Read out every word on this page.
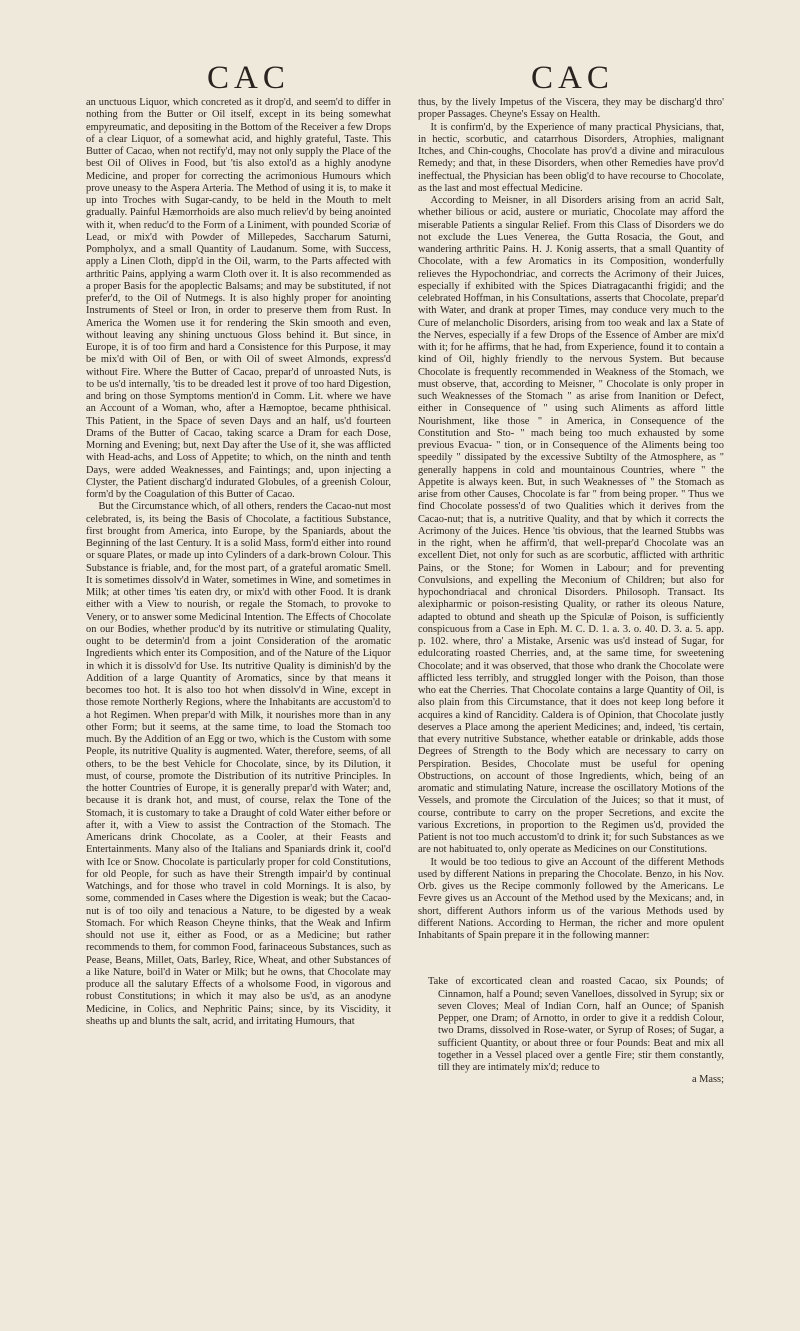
CAC	CAC

an unctuous Liquor, which concreted as it drop'd, and seem'd to differ in nothing from the Butter or Oil itself, except in its being somewhat empyreumatic, and depositing in the Bottom of the Receiver a few Drops of a clear Liquor, of a somewhat acid, and highly grateful, Taste. This Butter of Cacao, when not rectify'd, may not only supply the Place of the best Oil of Olives in Food, but 'tis also extol'd as a highly anodyne Medicine, and proper for correcting the acrimonious Humours which prove uneasy to the Aspera Arteria. The Method of using it is, to make it up into Troches with Sugar-candy, to be held in the Mouth to melt gradually. Painful Hæmorrhoids are also much reliev'd by being anointed with it, when reduc'd to the Form of a Liniment, with pounded Scoriæ of Lead, or mix'd with Powder of Millepedes, Saccharum Saturni, Pompholyx, and a small Quantity of Laudanum. Some, with Success, apply a Linen Cloth, dipp'd in the Oil, warm, to the Parts affected with arthritic Pains, applying a warm Cloth over it. It is also recommended as a proper Basis for the apoplectic Balsams; and may be substituted, if not prefer'd, to the Oil of Nutmegs. It is also highly proper for anointing Instruments of Steel or Iron, in order to preserve them from Rust. In America the Women use it for rendering the Skin smooth and even, without leaving any shining unctuous Gloss behind it. But since, in Europe, it is of too firm and hard a Consistence for this Purpose, it may be mix'd with Oil of Ben, or with Oil of sweet Almonds, express'd without Fire. Where the Butter of Cacao, prepar'd of unroasted Nuts, is to be us'd internally, 'tis to be dreaded lest it prove of too hard Digestion, and bring on those Symptoms mention'd in Comm. Lit. where we have an Account of a Woman, who, after a Hæmoptoe, became phthisical. This Patient, in the Space of seven Days and an half, us'd fourteen Drams of the Butter of Cacao, taking scarce a Dram for each Dose, Morning and Evening; but, next Day after the Use of it, she was afflicted with Head-achs, and Loss of Appetite; to which, on the ninth and tenth Days, were added Weaknesses, and Faintings; and, upon injecting a Clyster, the Patient discharg'd indurated Globules, of a greenish Colour, form'd by the Coagulation of this Butter of Cacao.

But the Circumstance which, of all others, renders the Cacao-nut most celebrated, is, its being the Basis of Chocolate, a factitious Substance, first brought from America, into Europe, by the Spaniards, about the Beginning of the last Century. It is a solid Mass, form'd either into round or square Plates, or made up into Cylinders of a dark-brown Colour. This Substance is friable, and, for the most part, of a grateful aromatic Smell. It is sometimes dissolv'd in Water, sometimes in Wine, and sometimes in Milk; at other times 'tis eaten dry, or mix'd with other Food. It is drank either with a View to nourish, or regale the Stomach, to provoke to Venery, or to answer some Medicinal Intention. The Effects of Chocolate on our Bodies, whether produc'd by its nutritive or stimulating Quality, ought to be determin'd from a joint Consideration of the aromatic Ingredients which enter its Composition, and of the Nature of the Liquor in which it is dissolv'd for Use. Its nutritive Quality is diminish'd by the Addition of a large Quantity of Aromatics, since by that means it becomes too hot. It is also too hot when dissolv'd in Wine, except in those remote Northerly Regions, where the Inhabitants are accustom'd to a hot Regimen. When prepar'd with Milk, it nourishes more than in any other Form; but it seems, at the same time, to load the Stomach too much. By the Addition of an Egg or two, which is the Custom with some People, its nutritive Quality is augmented. Water, therefore, seems, of all others, to be the best Vehicle for Chocolate, since, by its Dilution, it must, of course, promote the Distribution of its nutritive Principles. In the hotter Countries of Europe, it is generally prepar'd with Water; and, because it is drank hot, and must, of course, relax the Tone of the Stomach, it is customary to take a Draught of cold Water either before or after it, with a View to assist the Contraction of the Stomach. The Americans drink Chocolate, as a Cooler, at their Feasts and Entertainments. Many also of the Italians and Spaniards drink it, cool'd with Ice or Snow. Chocolate is particularly proper for cold Constitutions, for old People, for such as have their Strength impair'd by continual Watchings, and for those who travel in cold Mornings. It is also, by some, commended in Cases where the Digestion is weak; but the Cacao-nut is of too oily and tenacious a Nature, to be digested by a weak Stomach. For which Reason Cheyne thinks, that the Weak and Infirm should not use it, either as Food, or as a Medicine; but rather recommends to them, for common Food, farinaceous Substances, such as Pease, Beans, Millet, Oats, Barley, Rice, Wheat, and other Substances of a like Nature, boil'd in Water or Milk; but he owns, that Chocolate may produce all the salutary Effects of a wholsome Food, in vigorous and robust Constitutions; in which it may also be us'd, as an anodyne Medicine, in Colics, and Nephritic Pains; since, by its Viscidity, it sheaths up and blunts the salt, acrid, and irritating Humours, that

thus, by the lively Impetus of the Viscera, they may be discharg'd thro' proper Passages. Cheyne's Essay on Health.

It is confirm'd, by the Experience of many practical Physicians, that, in hectic, scorbutic, and catarrhous Disorders, Atrophies, malignant Itches, and Chin-coughs, Chocolate has prov'd a divine and miraculous Remedy; and that, in these Disorders, when other Remedies have prov'd ineffectual, the Physician has been oblig'd to have recourse to Chocolate, as the last and most effectual Medicine.

According to Meisner, in all Disorders arising from an acrid Salt, whether bilious or acid, austere or muriatic, Chocolate may afford the miserable Patients a singular Relief. From this Class of Disorders we do not exclude the Lues Venerea, the Gutta Rosacia, the Gout, and wandering arthritic Pains. H. J. Konig asserts, that a small Quantity of Chocolate, with a few Aromatics in its Composition, wonderfully relieves the Hypochondriac, and corrects the Acrimony of their Juices, especially if exhibited with the Spices Diatragacanthi frigidi; and the celebrated Hoffman, in his Consultations, asserts that Chocolate, prepar'd with Water, and drank at proper Times, may conduce very much to the Cure of melancholic Disorders, arising from too weak and lax a State of the Nerves, especially if a few Drops of the Essence of Amber are mix'd with it; for he affirms, that he had, from Experience, found it to contain a kind of Oil, highly friendly to the nervous System. But because Chocolate is frequently recommended in Weakness of the Stomach, we must observe, that, according to Meisner, " Chocolate is only proper in such Weaknesses of the Stomach " as arise from Inanition or Defect, either in Consequence of " using such Aliments as afford little Nourishment, like those " in America, in Consequence of the Constitution and Sto- " mach being too much exhausted by some previous Evacua- " tion, or in Consequence of the Aliments being too speedily " dissipated by the excessive Subtilty of the Atmosphere, as " generally happens in cold and mountainous Countries, where " the Appetite is always keen. But, in such Weaknesses of " the Stomach as arise from other Causes, Chocolate is far " from being proper. " Thus we find Chocolate possess'd of two Qualities which it derives from the Cacao-nut; that is, a nutritive Quality, and that by which it corrects the Acrimony of the Juices. Hence 'tis obvious, that the learned Stubbs was in the right, when he affirm'd, that well-prepar'd Chocolate was an excellent Diet, not only for such as are scorbutic, afflicted with arthritic Pains, or the Stone; for Women in Labour; and for preventing Convulsions, and expelling the Meconium of Children; but also for hypochondriacal and chronical Disorders. Philosoph. Transact. Its alexipharmic or poison-resisting Quality, or rather its oleous Nature, adapted to obtund and sheath up the Spiculæ of Poison, is sufficiently conspicuous from a Case in Eph. M. C. D. 1. a. 3. o. 40. D. 3. a. 5. app. p. 102. where, thro' a Mistake, Arsenic was us'd instead of Sugar, for edulcorating roasted Cherries, and, at the same time, for sweetening Chocolate; and it was observed, that those who drank the Chocolate were afflicted less terribly, and struggled longer with the Poison, than those who eat the Cherries. That Chocolate contains a large Quantity of Oil, is also plain from this Circumstance, that it does not keep long before it acquires a kind of Rancidity. Caldera is of Opinion, that Chocolate justly deserves a Place among the aperient Medicines; and, indeed, 'tis certain, that every nutritive Substance, whether eatable or drinkable, adds those Degrees of Strength to the Body which are necessary to carry on Perspiration. Besides, Chocolate must be useful for opening Obstructions, on account of those Ingredients, which, being of an aromatic and stimulating Nature, increase the oscillatory Motions of the Vessels, and promote the Circulation of the Juices; so that it must, of course, contribute to carry on the proper Secretions, and excite the various Excretions, in proportion to the Regimen us'd, provided the Patient is not too much accustom'd to drink it; for such Substances as we are not habituated to, only operate as Medicines on our Constitutions.

It would be too tedious to give an Account of the different Methods used by different Nations in preparing the Chocolate. Benzo, in his Nov. Orb. gives us the Recipe commonly followed by the Americans. Le Fevre gives us an Account of the Method used by the Mexicans; and, in short, different Authors inform us of the various Methods used by different Nations. According to Herman, the richer and more opulent Inhabitants of Spain prepare it in the following manner:

Take of excorticated clean and roasted Cacao, six Pounds; of Cinnamon, half a Pound; seven Vanelloes, dissolved in Syrup; six or seven Cloves; Meal of Indian Corn, half an Ounce; of Spanish Pepper, one Dram; of Arnotto, in order to give it a reddish Colour, two Drams, dissolved in Rose-water, or Syrup of Roses; of Sugar, a sufficient Quantity, or about three or four Pounds: Beat and mix all together in a Vessel placed over a gentle Fire; stir them constantly, till they are intimately mix'd; reduce to

a Mass;
